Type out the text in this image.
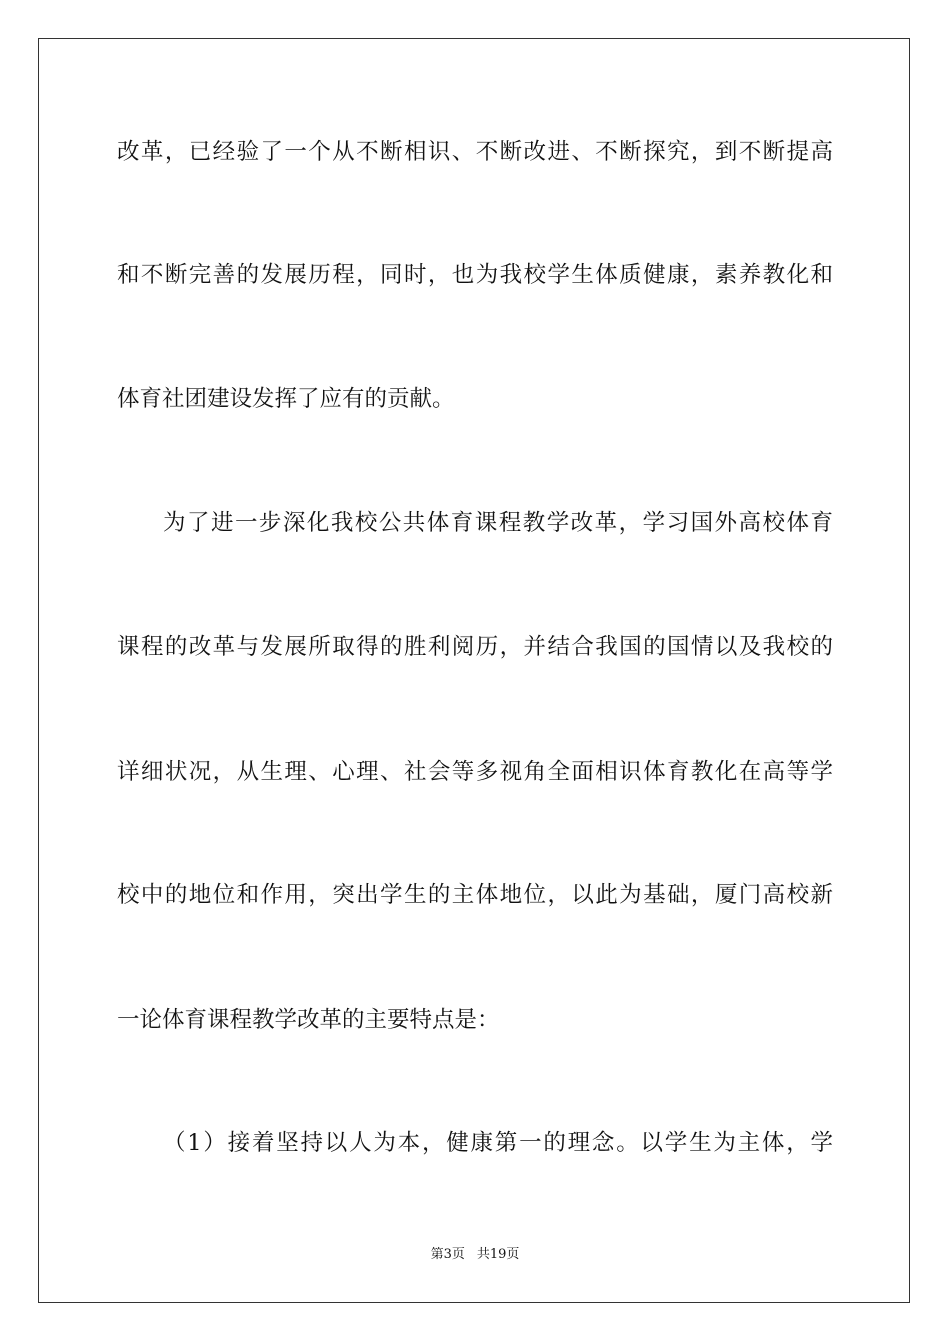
改革，已经验了一个从不断相识、不断改进、不断探究，到不断提高
和不断完善的发展历程，同时，也为我校学生体质健康，素养教化和
体育社团建设发挥了应有的贡献。
为了进一步深化我校公共体育课程教学改革，学习国外高校体育
课程的改革与发展所取得的胜利阅历，并结合我国的国情以及我校的
详细状况，从生理、心理、社会等多视角全面相识体育教化在高等学
校中的地位和作用，突出学生的主体地位，以此为基础，厦门高校新
一论体育课程教学改革的主要特点是：
（1）接着坚持以人为本，健康第一的理念。以学生为主体，学
第3页 共19页
